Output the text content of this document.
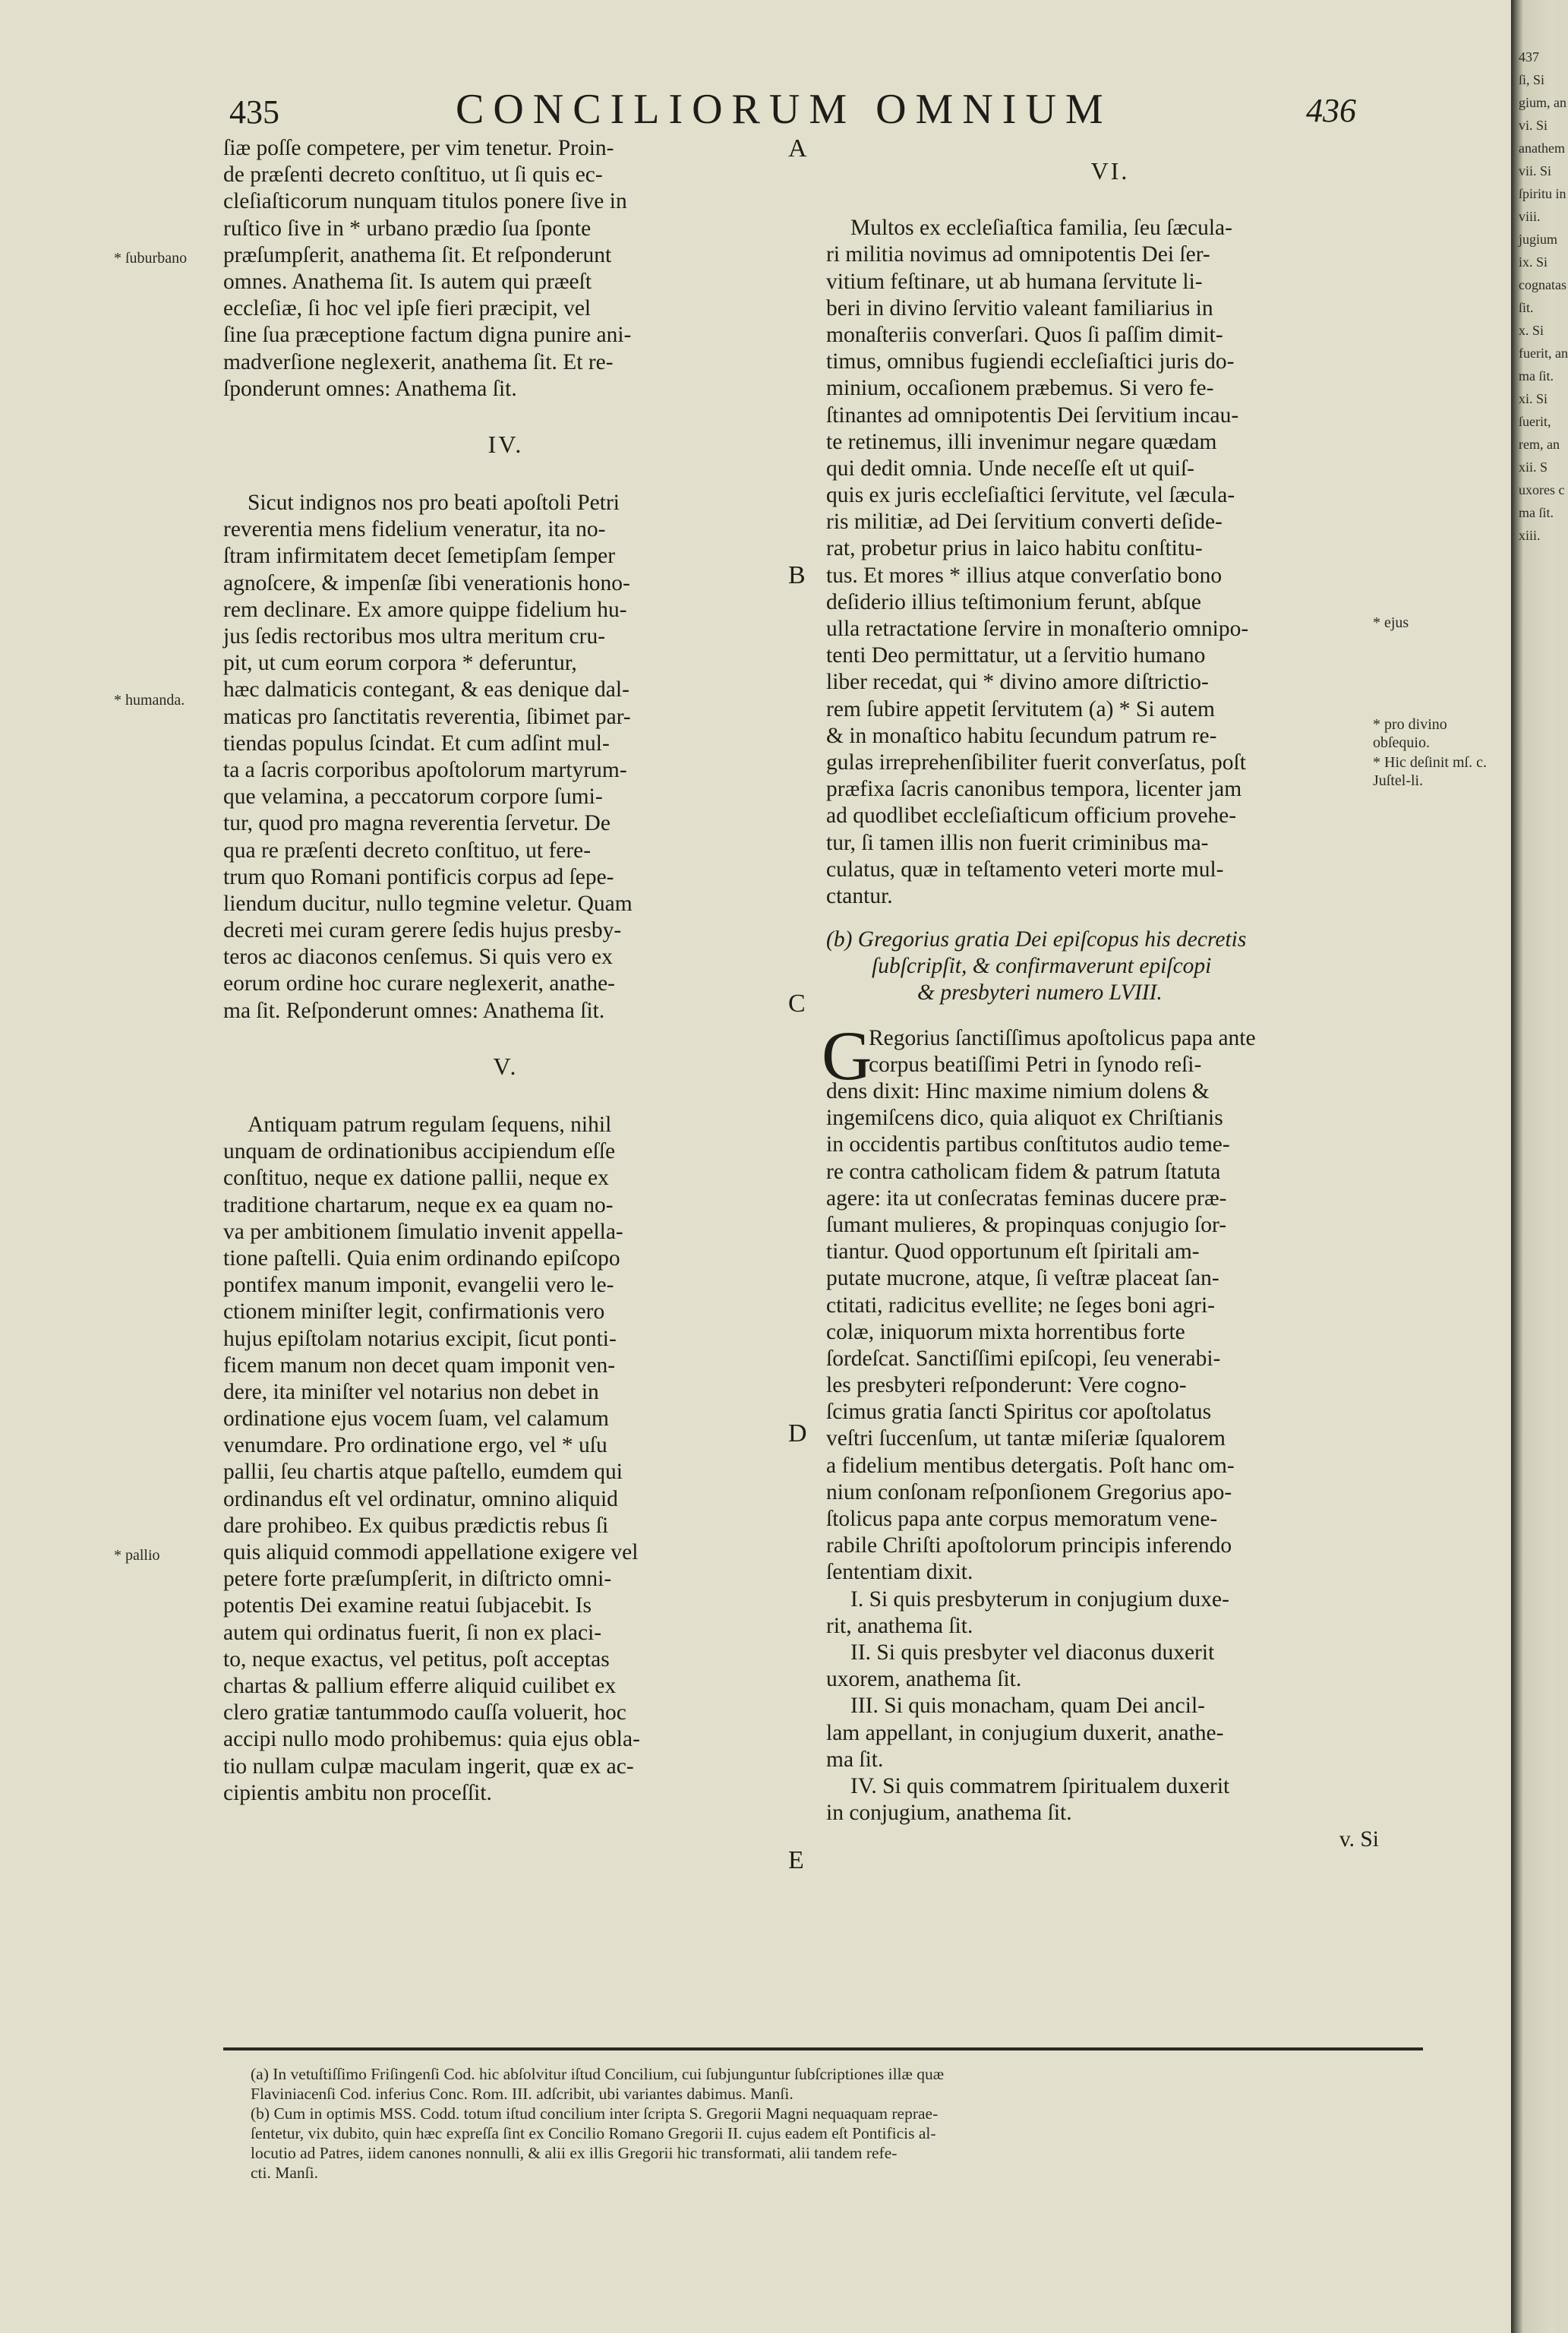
435	CONCILIORUM OMNIUM	436
ſiæ poſſe competere, per vim tenetur. Proin-
de præſenti decreto conſtituo, ut ſi quis ec-
cleſiaſticorum nunquam titulos ponere ſive in
ruſtico ſive in * urbano prædio ſua ſponte
præſumpſerit, anathema ſit. Et reſponderunt
omnes. Anathema ſit. Is autem qui præeſt
eccleſiæ, ſi hoc vel ipſe fieri præcipit, vel
ſine ſua præceptione factum digna punire ani-
madverſione neglexerit, anathema ſit. Et re-
ſponderunt omnes: Anathema ſit.
IV.
Sicut indignos nos pro beati apoſtoli Petri
reverentia mens fidelium veneratur, ita no-
ſtram infirmitatem decet ſemetipſam ſemper
agnoſcere, & impenſæ ſibi venerationis hono-
rem declinare. Ex amore quippe fidelium hu-
jus ſedis rectoribus mos ultra meritum cru-
pit, ut cum eorum corpora * deferuntur,
hæc dalmaticis contegant, & eas denique dal-
maticas pro ſanctitatis reverentia, ſibimet par-
tiendas populus ſcindat. Et cum adſint mul-
ta a ſacris corporibus apoſtolorum martyrum-
que velamina, a peccatorum corpore ſumi-
tur, quod pro magna reverentia ſervetur. De
qua re præſenti decreto conſtituo, ut fere-
trum quo Romani pontificis corpus ad ſepe-
liendum ducitur, nullo tegmine veletur. Quam
decreti mei curam gerere ſedis hujus presby-
teros ac diaconos cenſemus. Si quis vero ex
eorum ordine hoc curare neglexerit, anathe-
ma ſit. Reſponderunt omnes: Anathema ſit.
V.
Antiquam patrum regulam ſequens, nihil
unquam de ordinationibus accipiendum eſſe
conſtituo, neque ex datione pallii, neque ex
traditione chartarum, neque ex ea quam no-
va per ambitionem ſimulatio invenit appella-
tione paſtelli. Quia enim ordinando epiſcopo
pontifex manum imponit, evangelii vero le-
ctionem miniſter legit, confirmationis vero
hujus epiſtolam notarius excipit, ſicut ponti-
ficem manum non decet quam imponit ven-
dere, ita miniſter vel notarius non debet in
ordinatione ejus vocem ſuam, vel calamum
venumdare. Pro ordinatione ergo, vel * uſu
pallii, ſeu chartis atque paſtello, eumdem qui
ordinandus eſt vel ordinatur, omnino aliquid
dare prohibeo. Ex quibus prædictis rebus ſi
quis aliquid commodi appellatione exigere vel
petere forte præſumpſerit, in diſtricto omni-
potentis Dei examine reatui ſubjacebit. Is
autem qui ordinatus fuerit, ſi non ex placi-
to, neque exactus, vel petitus, poſt acceptas
chartas & pallium efferre aliquid cuilibet ex
clero gratiæ tantummodo cauſſa voluerit, hoc
accipi nullo modo prohibemus: quia ejus obla-
tio nullam culpæ maculam ingerit, quæ ex ac-
cipientis ambitu non proceſſit.
VI.
Multos ex eccleſiaſtica familia, ſeu ſæcula-
ri militia novimus ad omnipotentis Dei ſer-
vitium feſtinare, ut ab humana ſervitute li-
beri in divino ſervitio valeant familiarius in
monaſteriis converſari. Quos ſi paſſim dimit-
timus, omnibus fugiendi eccleſiaſtici juris do-
minium, occaſionem præbemus. Si vero fe-
ſtinantes ad omnipotentis Dei ſervitium incau-
te retinemus, illi invenimur negare quædam
qui dedit omnia. Unde neceſſe eſt ut quiſ-
quis ex juris eccleſiaſtici ſervitute, vel ſæcula-
ris militiæ, ad Dei ſervitium converti deſide-
rat, probetur prius in laico habitu conſtitu-
tus. Et mores * illius atque converſatio bono
deſiderio illius teſtimonium ferunt, abſque
ulla retractatione ſervire in monaſterio omnipo-
tenti Deo permittatur, ut a ſervitio humano
liber recedat, qui * divino amore diſtrictio-
rem ſubire appetit ſervitutem (a) * Si autem
& in monaſtico habitu ſecundum patrum re-
gulas irreprehenſibiliter fuerit converſatus, poſt
præfixa ſacris canonibus tempora, licenter jam
ad quodlibet eccleſiaſticum officium provehe-
tur, ſi tamen illis non fuerit criminibus ma-
culatus, quæ in teſtamento veteri morte mul-
ctantur.
(b) Gregorius gratia Dei epiſcopus his decretis
ſubſcripſit, & confirmaverunt epiſcopi
& presbyteri numero LVIII.
G
Regorius ſanctiſſimus apoſtolicus papa ante
corpus beatiſſimi Petri in ſynodo reſi-
dens dixit: Hinc maxime nimium dolens &
ingemiſcens dico, quia aliquot ex Chriſtianis
in occidentis partibus conſtitutos audio teme-
re contra catholicam fidem & patrum ſtatuta
agere: ita ut conſecratas feminas ducere præ-
ſumant mulieres, & propinquas conjugio ſor-
tiantur. Quod opportunum eſt ſpiritali am-
putate mucrone, atque, ſi veſtræ placeat ſan-
ctitati, radicitus evellite; ne ſeges boni agri-
colæ, iniquorum mixta horrentibus forte
ſordeſcat. Sanctiſſimi epiſcopi, ſeu venerabi-
les presbyteri reſponderunt: Vere cogno-
ſcimus gratia ſancti Spiritus cor apoſtolatus
veſtri ſuccenſum, ut tantæ miſeriæ ſqualorem
a fidelium mentibus detergatis. Poſt hanc om-
nium conſonam reſponſionem Gregorius apo-
ſtolicus papa ante corpus memoratum vene-
rabile Chriſti apoſtolorum principis inferendo
ſententiam dixit.
I. Si quis presbyterum in conjugium duxe-
rit, anathema ſit.
II. Si quis presbyter vel diaconus duxerit
uxorem, anathema ſit.
III. Si quis monacham, quam Dei ancil-
lam appellant, in conjugium duxerit, anathe-
ma ſit.
IV. Si quis commatrem ſpiritualem duxerit
in conjugium, anathema ſit.
v. Si
* ſuburbano
* humanda.
* pallio
* ejus
* pro divino obſequio.
* Hic deſinit mſ. c. Juſtel-li.
A
B
C
D
E
(a) In vetuſtiſſimo Friſingenſi Cod. hic abſolvitur iſtud Concilium, cui ſubjunguntur ſubſcriptiones illæ quæ
Flaviniacenſi Cod. inferius Conc. Rom. III. adſcribit, ubi variantes dabimus. Manſi.
(b) Cum in optimis MSS. Codd. totum iſtud concilium inter ſcripta S. Gregorii Magni nequaquam reprae-
ſentetur, vix dubito, quin hæc expreſſa ſint ex Concilio Romano Gregorii II. cujus eadem eſt Pontificis al-
locutio ad Patres, iidem canones nonnulli, & alii ex illis Gregorii hic transformati, alii tandem refe-
cti. Manſi.
437
ſi, Si
gium, an
vi. Si
anathem
vii. Si
ſpiritu in
viii.
jugium
ix. Si
cognatas
ſit.
x. Si
fuerit, an
ma ſit.
xi. Si
ſuerit,
rem, an
xii. S
uxores c
ma ſit.
xiii.
